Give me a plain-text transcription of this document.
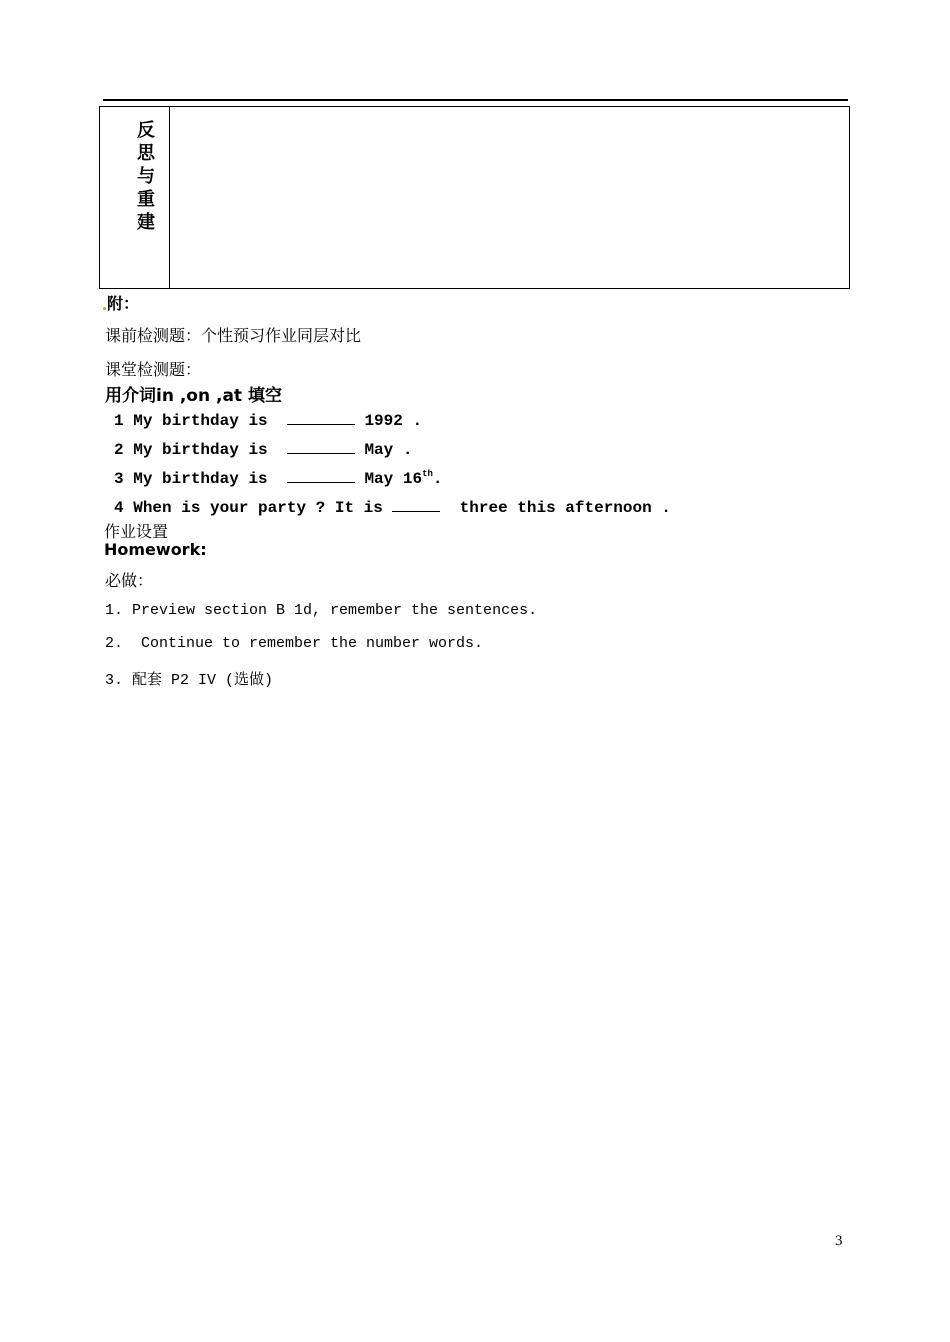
反
思
与
重
建
附：
课前检测题：个性预习作业同层对比
课堂检测题：
用介词in ,on ,at 填空
1 My birthday is	1992 .
2 My birthday is	May .
3 My birthday is	May 16th.
4 When is your party ? It is	three this afternoon .
作业设置
Homework:
必做：
1. Preview section B 1d, remember the sentences.
2.  Continue to remember the number words.
3. 配套 P2 IV (选做)
3
